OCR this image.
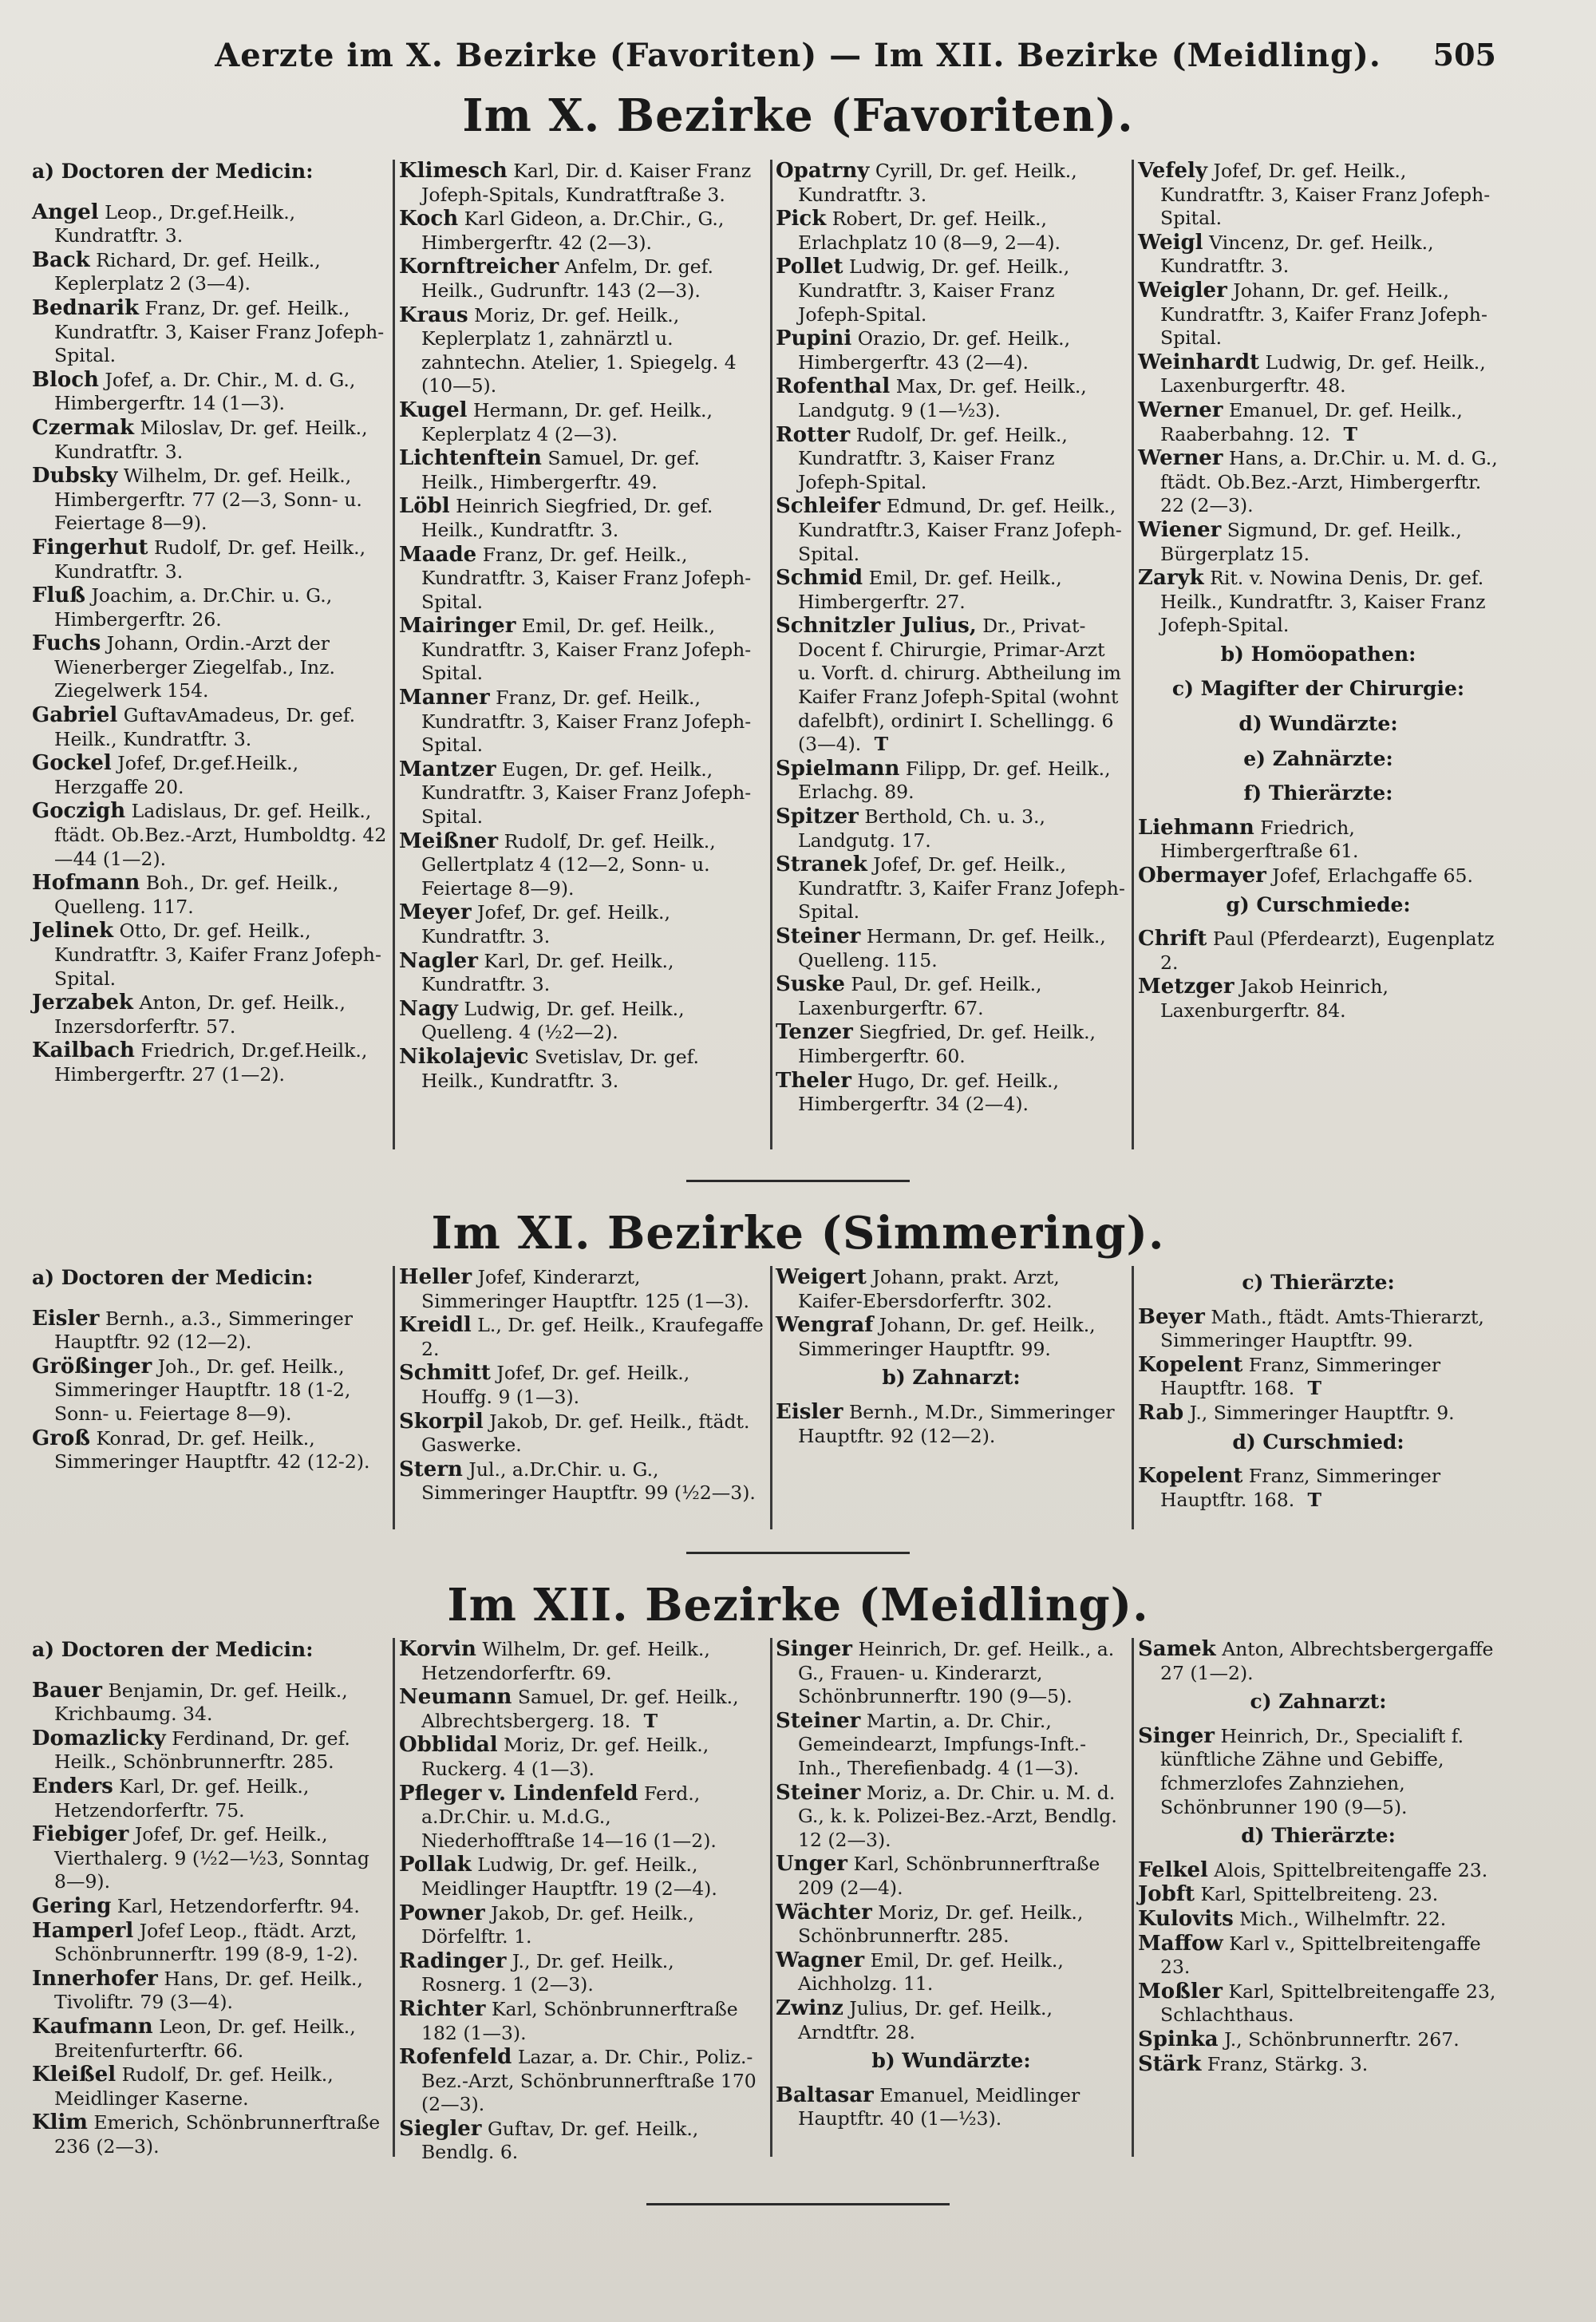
Aerzte im X. Bezirke (Favoriten) — Im XII. Bezirke (Meidling).	505
Im X. Bezirke (Favoriten).
a) Doctoren der Medicin:
Angel Leop., Dr.gef.Heilk., Kundratftr. 3.
Back Richard, Dr. gef. Heilk., Keplerplatz 2 (3—4).
Bednarik Franz, Dr. gef. Heilk., Kundratftr. 3, Kaiser Franz Jofeph-Spital.
Bloch Jofef, a. Dr. Chir., M. d. G., Himbergerftr. 14 (1—3).
Czermak Miloslav, Dr. gef. Heilk., Kundratftr. 3.
Dubsky Wilhelm, Dr. gef. Heilk., Himbergerftr. 77 (2—3, Sonn- u. Feiertage 8—9).
Fingerhut Rudolf, Dr. gef. Heilk., Kundratftr. 3.
Fluß Joachim, a. Dr.Chir. u. G., Himbergerftr. 26.
Fuchs Johann, Ordin.-Arzt der Wienerberger Ziegelfab., Inz. Ziegelwerk 154.
Gabriel GuftavAmadeus, Dr. gef. Heilk., Kundratftr. 3.
Gockel Jofef, Dr.gef.Heilk., Herzgaffe 20.
Goczigh Ladislaus, Dr. gef. Heilk., ftädt. Ob.Bez.-Arzt, Humboldtg. 42—44 (1—2).
Hofmann Boh., Dr. gef. Heilk., Quelleng. 117.
Jelinek Otto, Dr. gef. Heilk., Kundratftr. 3, Kaifer Franz Jofeph-Spital.
Jerzabek Anton, Dr. gef. Heilk., Inzersdorferftr. 57.
Kailbach Friedrich, Dr.gef.Heilk., Himbergerftr. 27 (1—2).
Klimesch Karl, Dir. d. Kaiser Franz Jofeph-Spitals, Kundratftraße 3.
Koch Karl Gideon, a. Dr.Chir., G., Himbergerftr. 42 (2—3).
Kornftreicher Anfelm, Dr. gef. Heilk., Gudrunftr. 143 (2—3).
Kraus Moriz, Dr. gef. Heilk., Keplerplatz 1, zahnärztl u. zahntechn. Atelier, 1. Spiegelg. 4 (10—5).
Kugel Hermann, Dr. gef. Heilk., Keplerplatz 4 (2—3).
Lichtenftein Samuel, Dr. gef. Heilk., Himbergerftr. 49.
Löbl Heinrich Siegfried, Dr. gef. Heilk., Kundratftr. 3.
Maade Franz, Dr. gef. Heilk., Kundratftr. 3, Kaiser Franz Jofeph-Spital.
Mairinger Emil, Dr. gef. Heilk., Kundratftr. 3, Kaiser Franz Jofeph-Spital.
Manner Franz, Dr. gef. Heilk., Kundratftr. 3, Kaiser Franz Jofeph-Spital.
Mantzer Eugen, Dr. gef. Heilk., Kundratftr. 3, Kaiser Franz Jofeph-Spital.
Meißner Rudolf, Dr. gef. Heilk., Gellertplatz 4 (12—2, Sonn- u. Feiertage 8—9).
Meyer Jofef, Dr. gef. Heilk., Kundratftr. 3.
Nagler Karl, Dr. gef. Heilk., Kundratftr. 3.
Nagy Ludwig, Dr. gef. Heilk., Quelleng. 4 (½2—2).
Nikolajevic Svetislav, Dr. gef. Heilk., Kundratftr. 3.
Opatrny Cyrill, Dr. gef. Heilk., Kundratftr. 3.
Pick Robert, Dr. gef. Heilk., Erlachplatz 10 (8—9, 2—4).
Pollet Ludwig, Dr. gef. Heilk., Kundratftr. 3, Kaiser Franz Jofeph-Spital.
Pupini Orazio, Dr. gef. Heilk., Himbergerftr. 43 (2—4).
Rofenthal Max, Dr. gef. Heilk., Landgutg. 9 (1—½3).
Rotter Rudolf, Dr. gef. Heilk., Kundratftr. 3, Kaiser Franz Jofeph-Spital.
Schleifer Edmund, Dr. gef. Heilk., Kundratftr.3, Kaiser Franz Jofeph-Spital.
Schmid Emil, Dr. gef. Heilk., Himbergerftr. 27.
Schnitzler Julius, Dr., Privat-Docent f. Chirurgie, Primar-Arzt u. Vorft. d. chirurg. Abtheilung im Kaifer Franz Jofeph-Spital (wohnt dafelbft), ordinirt I. Schellingg. 6 (3—4).  T
Spielmann Filipp, Dr. gef. Heilk., Erlachg. 89.
Spitzer Berthold, Ch. u. 3., Landgutg. 17.
Stranek Jofef, Dr. gef. Heilk., Kundratftr. 3, Kaifer Franz Jofeph-Spital.
Steiner Hermann, Dr. gef. Heilk., Quelleng. 115.
Suske Paul, Dr. gef. Heilk., Laxenburgerftr. 67.
Tenzer Siegfried, Dr. gef. Heilk., Himbergerftr. 60.
Theler Hugo, Dr. gef. Heilk., Himbergerftr. 34 (2—4).
Vefely Jofef, Dr. gef. Heilk., Kundratftr. 3, Kaiser Franz Jofeph-Spital.
Weigl Vincenz, Dr. gef. Heilk., Kundratftr. 3.
Weigler Johann, Dr. gef. Heilk., Kundratftr. 3, Kaifer Franz Jofeph-Spital.
Weinhardt Ludwig, Dr. gef. Heilk., Laxenburgerftr. 48.
Werner Emanuel, Dr. gef. Heilk., Raaberbahng. 12.  T
Werner Hans, a. Dr.Chir. u. M. d. G., ftädt. Ob.Bez.-Arzt, Himbergerftr. 22 (2—3).
Wiener Sigmund, Dr. gef. Heilk., Bürgerplatz 15.
Zaryk Rit. v. Nowina Denis, Dr. gef. Heilk., Kundratftr. 3, Kaiser Franz Jofeph-Spital.
b) Homöopathen:
c) Magifter der Chirurgie:
d) Wundärzte:
e) Zahnärzte:
f) Thierärzte:
Liehmann Friedrich, Himbergerftraße 61.
Obermayer Jofef, Erlachgaffe 65.
g) Curschmiede:
Chrift Paul (Pferdearzt), Eugenplatz 2.
Metzger Jakob Heinrich, Laxenburgerftr. 84.
Im XI. Bezirke (Simmering).
a) Doctoren der Medicin:
Eisler Bernh., a.3., Simmeringer Hauptftr. 92 (12—2).
Größinger Joh., Dr. gef. Heilk., Simmeringer Hauptftr. 18 (1-2, Sonn- u. Feiertage 8—9).
Groß Konrad, Dr. gef. Heilk., Simmeringer Hauptftr. 42 (12-2).
Heller Jofef, Kinderarzt, Simmeringer Hauptftr. 125 (1—3).
Kreidl L., Dr. gef. Heilk., Kraufegaffe 2.
Schmitt Jofef, Dr. gef. Heilk., Houffg. 9 (1—3).
Skorpil Jakob, Dr. gef. Heilk., ftädt. Gaswerke.
Stern Jul., a.Dr.Chir. u. G., Simmeringer Hauptftr. 99 (½2—3).
Weigert Johann, prakt. Arzt, Kaifer-Ebersdorferftr. 302.
Wengraf Johann, Dr. gef. Heilk., Simmeringer Hauptftr. 99.
b) Zahnarzt:
Eisler Bernh., M.Dr., Simmeringer Hauptftr. 92 (12—2).
c) Thierärzte:
Beyer Math., ftädt. Amts-Thierarzt, Simmeringer Hauptftr. 99.
Kopelent Franz, Simmeringer Hauptftr. 168.  T
Rab J., Simmeringer Hauptftr. 9.
d) Curschmied:
Kopelent Franz, Simmeringer Hauptftr. 168.  T
Im XII. Bezirke (Meidling).
a) Doctoren der Medicin:
Bauer Benjamin, Dr. gef. Heilk., Krichbaumg. 34.
Domazlicky Ferdinand, Dr. gef. Heilk., Schönbrunnerftr. 285.
Enders Karl, Dr. gef. Heilk., Hetzendorferftr. 75.
Fiebiger Jofef, Dr. gef. Heilk., Vierthalerg. 9 (½2—½3, Sonntag 8—9).
Gering Karl, Hetzendorferftr. 94.
Hamperl Jofef Leop., ftädt. Arzt, Schönbrunnerftr. 199 (8-9, 1-2).
Innerhofer Hans, Dr. gef. Heilk., Tivoliftr. 79 (3—4).
Kaufmann Leon, Dr. gef. Heilk., Breitenfurterftr. 66.
Kleißel Rudolf, Dr. gef. Heilk., Meidlinger Kaserne.
Klim Emerich, Schönbrunnerftraße 236 (2—3).
Korvin Wilhelm, Dr. gef. Heilk., Hetzendorferftr. 69.
Neumann Samuel, Dr. gef. Heilk., Albrechtsbergerg. 18.  T
Obblidal Moriz, Dr. gef. Heilk., Ruckerg. 4 (1—3).
Pfleger v. Lindenfeld Ferd., a.Dr.Chir. u. M.d.G., Niederhofftraße 14—16 (1—2).
Pollak Ludwig, Dr. gef. Heilk., Meidlinger Hauptftr. 19 (2—4).
Powner Jakob, Dr. gef. Heilk., Dörfelftr. 1.
Radinger J., Dr. gef. Heilk., Rosnerg. 1 (2—3).
Richter Karl, Schönbrunnerftraße 182 (1—3).
Rofenfeld Lazar, a. Dr. Chir., Poliz.-Bez.-Arzt, Schönbrunnerftraße 170 (2—3).
Siegler Guftav, Dr. gef. Heilk., Bendlg. 6.
Singer Heinrich, Dr. gef. Heilk., a. G., Frauen- u. Kinderarzt, Schönbrunnerftr. 190 (9—5).
Steiner Martin, a. Dr. Chir., Gemeindearzt, Impfungs-Inft.-Inh., Therefienbadg. 4 (1—3).
Steiner Moriz, a. Dr. Chir. u. M. d. G., k. k. Polizei-Bez.-Arzt, Bendlg. 12 (2—3).
Unger Karl, Schönbrunnerftraße 209 (2—4).
Wächter Moriz, Dr. gef. Heilk., Schönbrunnerftr. 285.
Wagner Emil, Dr. gef. Heilk., Aichholzg. 11.
Zwinz Julius, Dr. gef. Heilk., Arndtftr. 28.
b) Wundärzte:
Baltasar Emanuel, Meidlinger Hauptftr. 40 (1—½3).
Samek Anton, Albrechtsbergergaffe 27 (1—2).
c) Zahnarzt:
Singer Heinrich, Dr., Specialift f. künftliche Zähne und Gebiffe, fchmerzlofes Zahnziehen, Schönbrunner 190 (9—5).
d) Thierärzte:
Felkel Alois, Spittelbreitengaffe 23.
Jobft Karl, Spittelbreiteng. 23.
Kulovits Mich., Wilhelmftr. 22.
Maffow Karl v., Spittelbreitengaffe 23.
Moßler Karl, Spittelbreitengaffe 23, Schlachthaus.
Spinka J., Schönbrunnerftr. 267.
Stärk Franz, Stärkg. 3.
